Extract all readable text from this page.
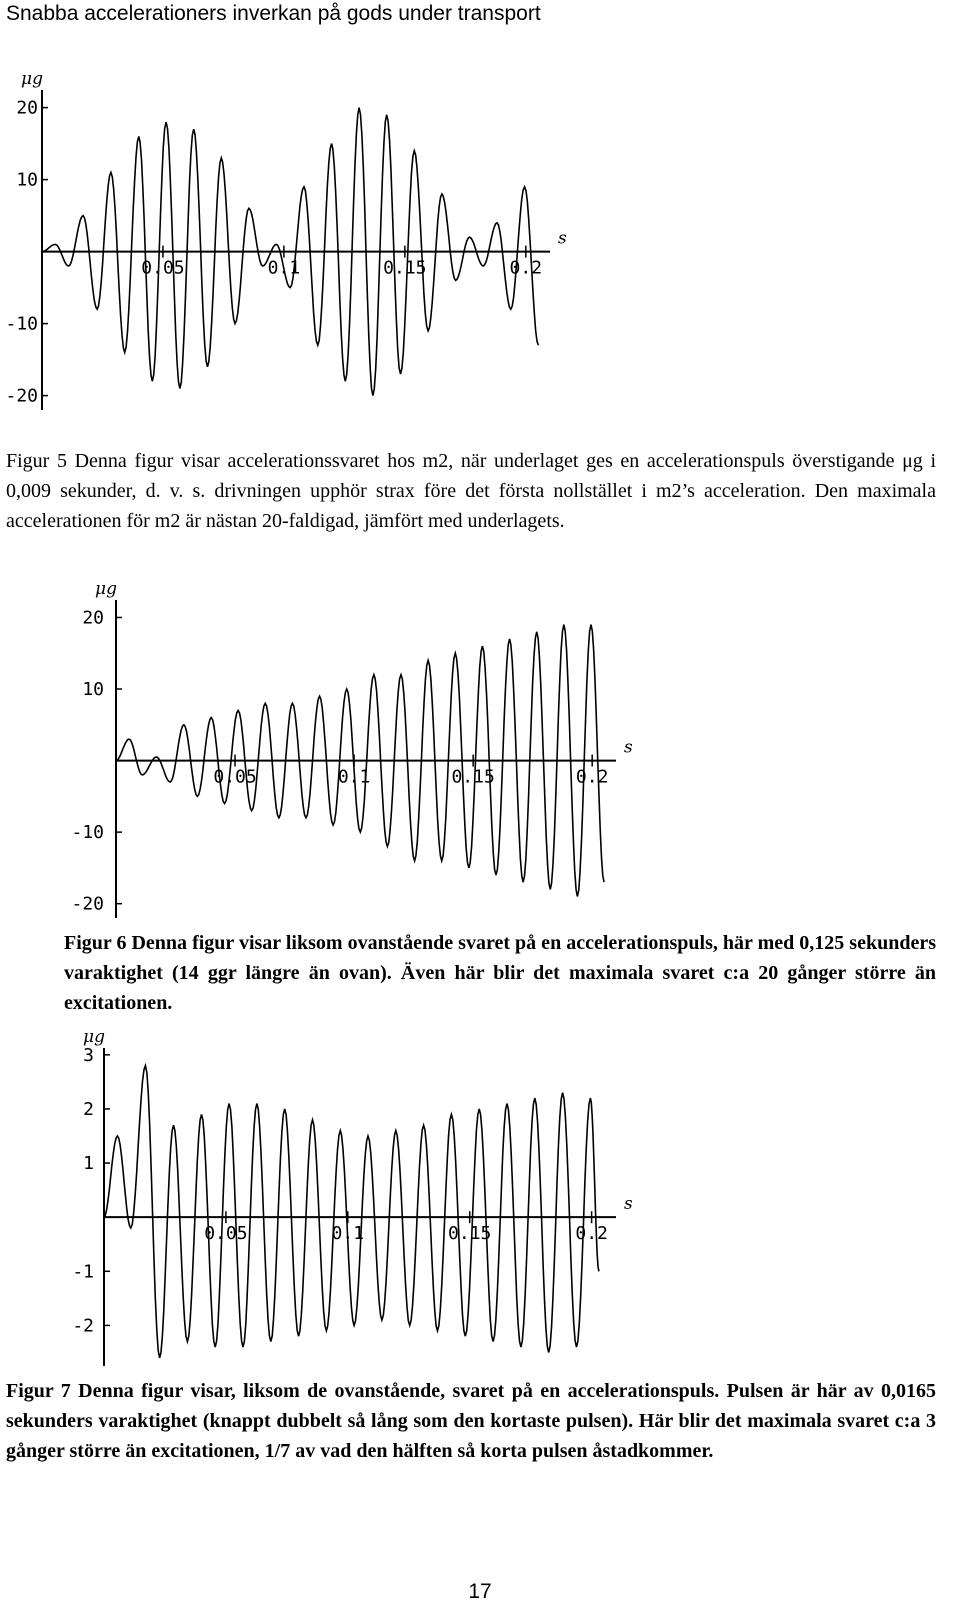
Snabba accelerationers inverkan på gods under transport
μg
s
20
10
-10
-20
0.05	0.1	0.15	0.2

Figur 5 Denna figur visar accelerationssvaret hos m2, när underlaget ges en accelerationspuls överstigande μg i 0,009 sekunder, d. v. s. drivningen upphör strax före det första nollstället i m2’s acceleration. Den maximala accelerationen för m2 är nästan 20-faldigad, jämfört med underlagets.

μg
s
20
10
-10
-20
0.05	0.1	0.15	0.2

Figur 6 Denna figur visar liksom ovanstående svaret på en accelerationspuls, här med 0,125 sekunders varaktighet (14 ggr längre än ovan). Även här blir det maximala svaret c:a 20 gånger större än excitationen.

μg
s
3
2
1
-1
-2
0.05	0.1	0.15	0.2

Figur 7 Denna figur visar, liksom de ovanstående, svaret på en accelerationspuls. Pulsen är här av 0,0165 sekunders varaktighet (knappt dubbelt så lång som den kortaste pulsen). Här blir det maximala svaret c:a 3 gånger större än excitationen, 1/7 av vad den hälften så korta pulsen åstadkommer.

17
